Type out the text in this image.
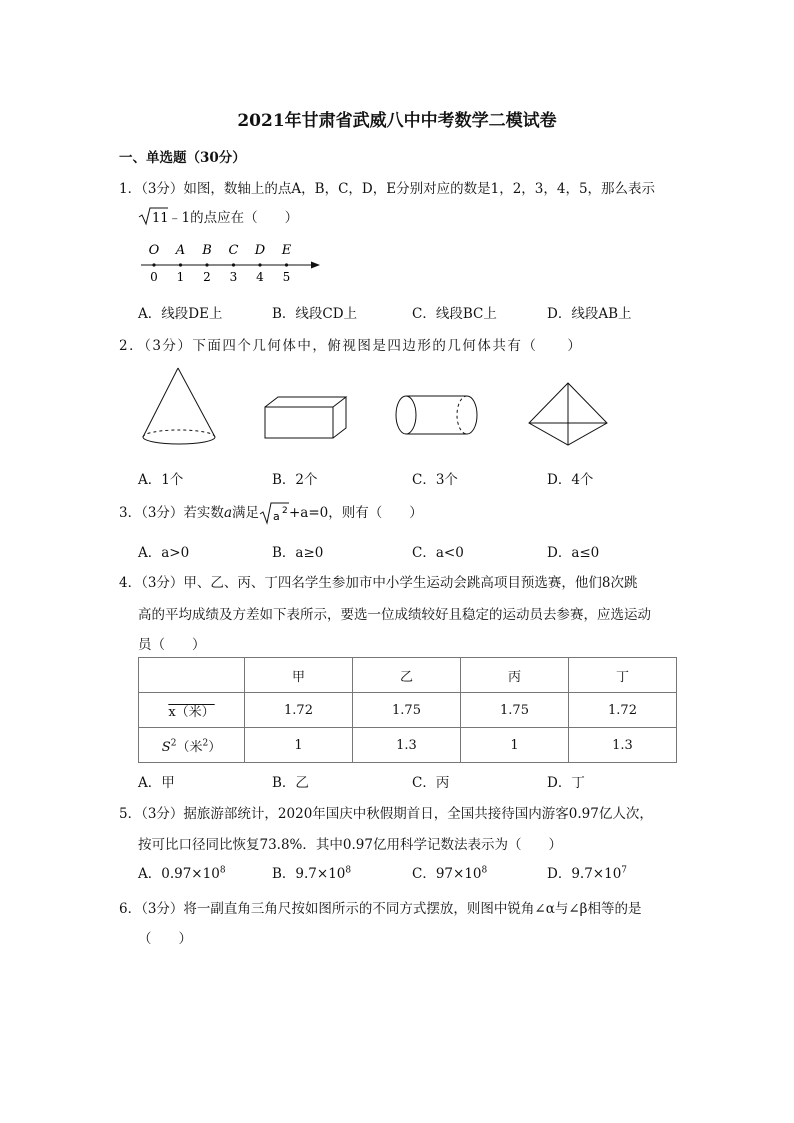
2021年甘肃省武威八中中考数学二模试卷
一、单选题（30分）
1．（3分）如图，数轴上的点A，B，C，D，E分别对应的数是1，2，3，4，5，那么表示
11 ﹣1的点应在（　　）
O
0
A
1
B
2
C
3
D
4
E
5
A．线段DE上	B．线段CD上	C．线段BC上	D．线段AB上
2．（3分）下面四个几何体中，俯视图是四边形的几何体共有（　　）
A．1个	B．2个	C．3个	D．4个
3．（3分）若实数a满足 a 2 +a=0，则有（　　）
A．a>0	B．a≥0	C．a<0	D．a≤0
4．（3分）甲、乙、丙、丁四名学生参加市中小学生运动会跳高项目预选赛，他们8次跳
高的平均成绩及方差如下表所示，要选一位成绩较好且稳定的运动员去参赛，应选运动
员（　　）
	甲	乙	丙	丁
x（米）	1.72	1.75	1.75	1.72
$S^2$（米$^2$）	1	1.3	1	1.3
A．甲	B．乙	C．丙	D．丁
5．（3分）据旅游部统计，2020年国庆中秋假期首日，全国共接待国内游客0.97亿人次，
按可比口径同比恢复73.8%．其中0.97亿用科学记数法表示为（　　）
A．$0.97\times 10^8$	B．$9.7\times 10^8$	C．$97\times 10^8$	D．$9.7\times 10^7$
6．（3分）将一副直角三角尺按如图所示的不同方式摆放，则图中锐角∠α与∠β相等的是
（　　）
